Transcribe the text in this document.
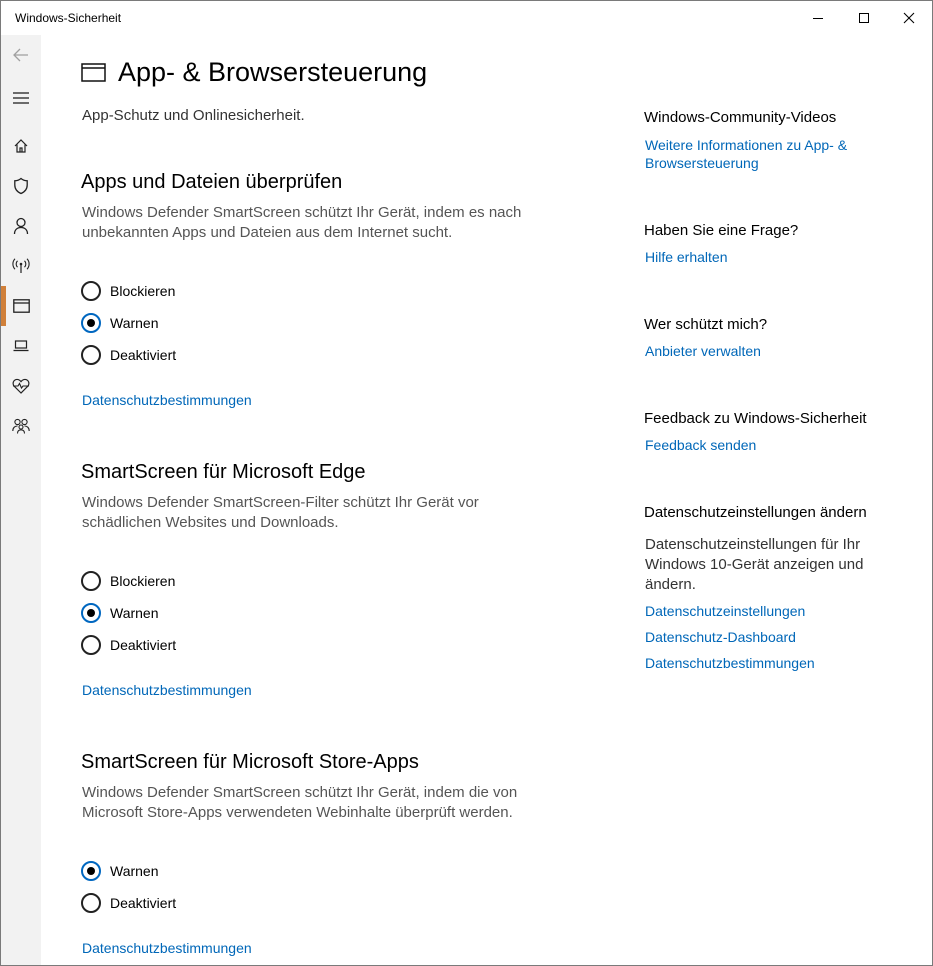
Windows-Sicherheit
App- & Browsersteuerung
App-Schutz und Onlinesicherheit.
Apps und Dateien überprüfen
Windows Defender SmartScreen schützt Ihr Gerät, indem es nach unbekannten Apps und Dateien aus dem Internet sucht.
Blockieren
Warnen
Deaktiviert
Datenschutzbestimmungen
SmartScreen für Microsoft Edge
Windows Defender SmartScreen-Filter schützt Ihr Gerät vor schädlichen Websites und Downloads.
Blockieren
Warnen
Deaktiviert
Datenschutzbestimmungen
SmartScreen für Microsoft Store-Apps
Windows Defender SmartScreen schützt Ihr Gerät, indem die von Microsoft Store-Apps verwendeten Webinhalte überprüft werden.
Warnen
Deaktiviert
Datenschutzbestimmungen
Windows-Community-Videos
Weitere Informationen zu App- & Browsersteuerung
Haben Sie eine Frage?
Hilfe erhalten
Wer schützt mich?
Anbieter verwalten
Feedback zu Windows-Sicherheit
Feedback senden
Datenschutzeinstellungen ändern
Datenschutzeinstellungen für Ihr Windows 10-Gerät anzeigen und ändern.
Datenschutzeinstellungen
Datenschutz-Dashboard
Datenschutzbestimmungen
